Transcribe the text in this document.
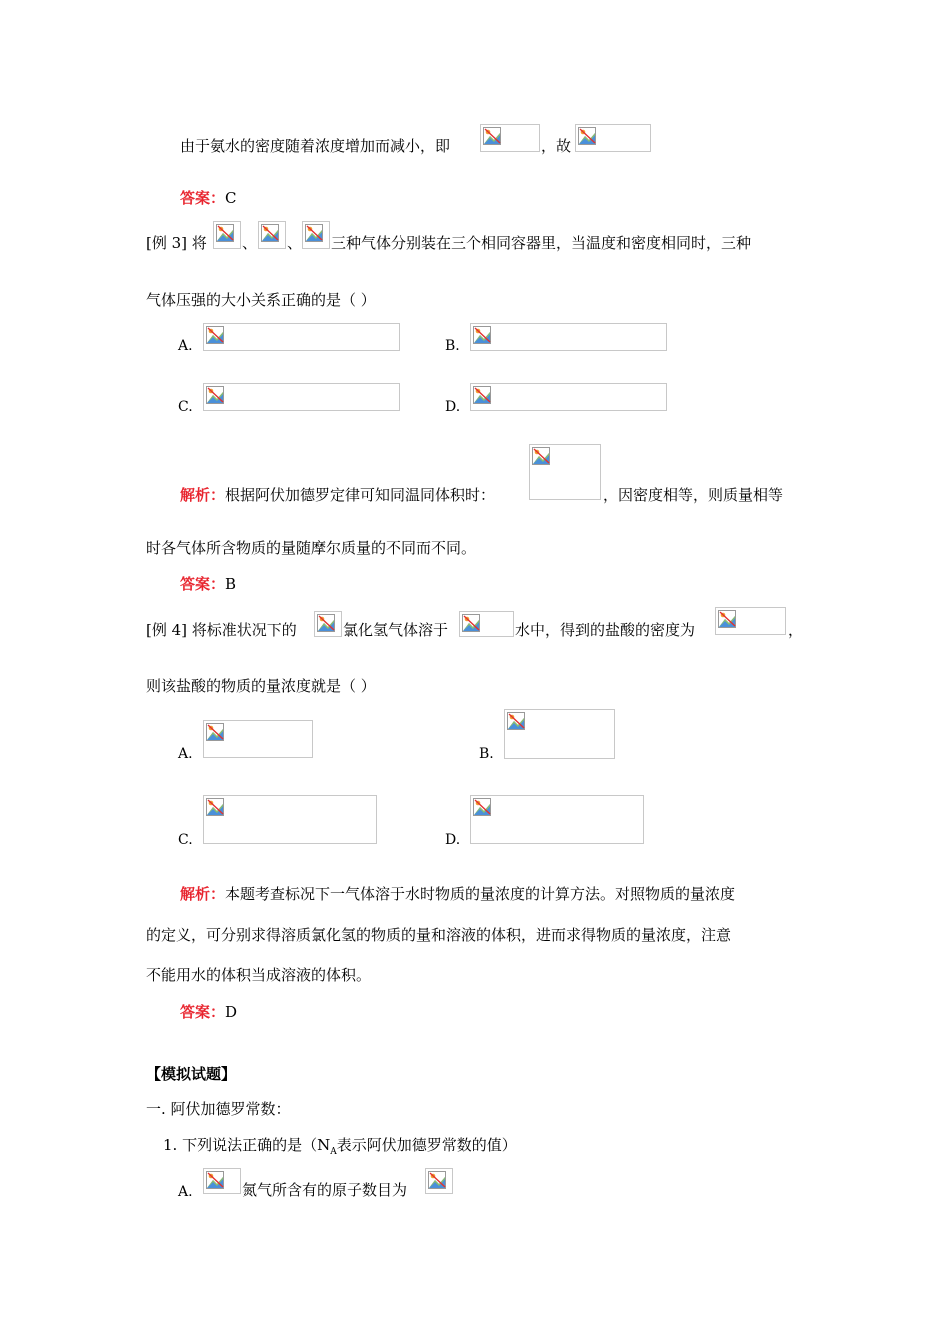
由于氨水的密度随着浓度增加而减小，即	，故
答案：C
[例 3] 将 、 、 三种气体分别装在三个相同容器里，当温度和密度相同时，三种
气体压强的大小关系正确的是（ ）
A.	B.
C.	D.
解析：根据阿伏加德罗定律可知同温同体积时：	，因密度相等，则质量相等
时各气体所含物质的量随摩尔质量的不同而不同。
答案：B
[例 4] 将标准状况下的	氯化氢气体溶于	水中，得到的盐酸的密度为	，
则该盐酸的物质的量浓度就是（ ）
A.	B.
C.	D.
解析：本题考查标况下一气体溶于水时物质的量浓度的计算方法。对照物质的量浓度
的定义，可分别求得溶质氯化氢的物质的量和溶液的体积，进而求得物质的量浓度，注意
不能用水的体积当成溶液的体积。
答案：D
【模拟试题】
一. 阿伏加德罗常数：
1. 下列说法正确的是（$N_A$表示阿伏加德罗常数的值）
A.	氮气所含有的原子数目为
